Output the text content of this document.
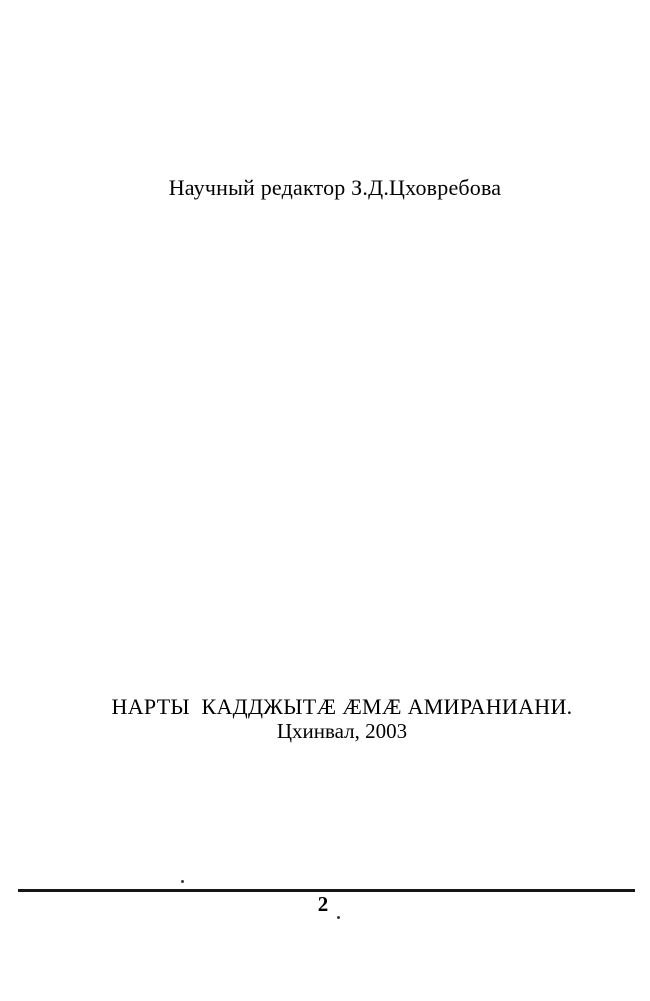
Научный редактор З.Д.Цховребова
НАРТЫ  КАДДЖЫТÆ ÆМÆ АМИРАНИАНИ.
Цхинвал, 2003
2
